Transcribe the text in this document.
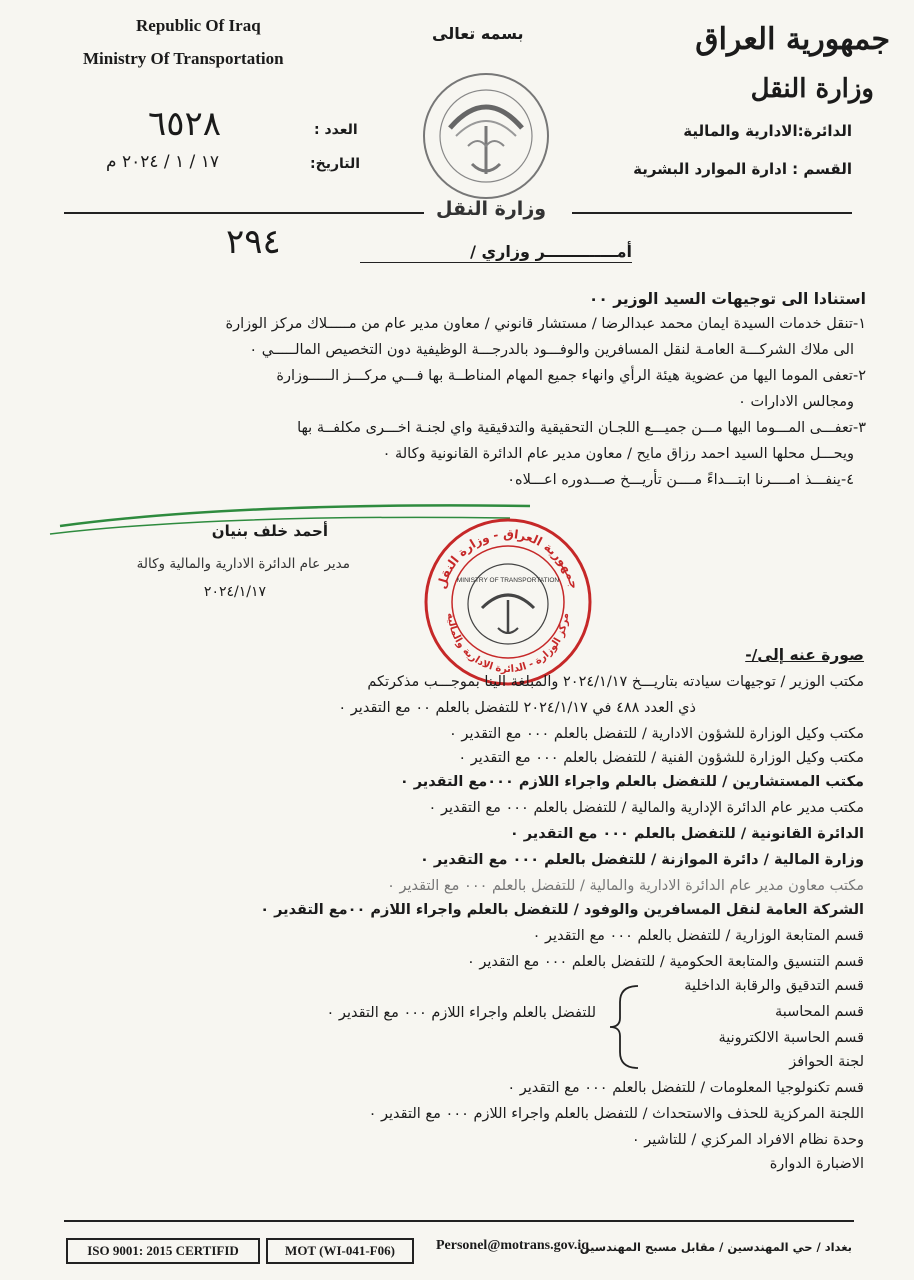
Republic Of Iraq
Ministry Of Transportation
بسمه تعالى	جمهورية العراق
وزارة النقل
الدائرة:الادارية والمالية
القسم : ادارة الموارد البشرية
العدد :
٦٥٢٨
التاريخ:
١٧ / ١ / ٢٠٢٤ م
وزارة النقل
أمـــــــــــــر وزاري /
٢٩٤
استنادا الى توجيهات السيد الوزير ٠٠
١-تنقل خدمات السيدة ايمان محمد عبدالرضا / مستشار قانوني / معاون مدير عام من مـــــلاك مركز الوزارة
الى ملاك الشركـــة العامـة لنقل المسافرين والوفـــود بالدرجـــة الوظيفية دون التخصيص المالـــــي ٠
٢-تعفى الموما اليها من عضوية هيئة الرأي وانهاء جميع المهام المناطــة بها فـــي مركـــز الـــــوزارة
ومجالس الادارات ٠
٣-تعفـــى المـــوما اليها مـــن جميـــع اللجـان التحقيقية والتدقيقية واي لجنـة اخـــرى مكلفــة بها
ويحـــل محلها السيد احمد رزاق مايح / معاون مدير عام الدائرة القانونية وكالة ٠
٤-ينفـــذ امــــرنا ابتـــداءً مــــن تأريـــخ صـــدوره اعـــلاه٠
أحمد خلف بنيان
مدير عام الدائرة الادارية والمالية وكالة
٢٠٢٤/١/١٧
جمهورية العراق - وزارة النقل
مركز الوزارة - الدائرة الادارية والمالية
MINISTRY OF TRANSPORTATION
صورة عنه إلى/-
مكتب الوزير / توجيهات سيادته بتاريـــخ ٢٠٢٤/١/١٧ والمبلغة الينا بموجـــب مذكرتكم
ذي العدد ٤٨٨ في ٢٠٢٤/١/١٧ للتفضل بالعلم ٠٠ مع التقدير ٠
مكتب وكيل الوزارة للشؤون الادارية / للتفضل بالعلم ٠٠٠ مع التقدير ٠
مكتب وكيل الوزارة للشؤون الفنية / للتفضل بالعلم ٠٠٠ مع التقدير ٠
مكتب المستشارين / للتفضل بالعلم واجراء اللازم ٠٠٠مع التقدير ٠
مكتب مدير عام الدائرة الإدارية والمالية / للتفضل بالعلم ٠٠٠ مع التقدير ٠
الدائرة القانونية / للتفضل بالعلم ٠٠٠ مع التقدير ٠
وزارة المالية / دائرة الموازنة / للتفضل بالعلم ٠٠٠ مع التقدير ٠
مكتب معاون مدير عام الدائرة الادارية والمالية / للتفضل بالعلم ٠٠٠ مع التقدير ٠
الشركة العامة لنقل المسافرين والوفود / للتفضل بالعلم واجراء اللازم ٠٠مع التقدير ٠
قسم المتابعة الوزارية / للتفضل بالعلم ٠٠٠ مع التقدير ٠
قسم التنسيق والمتابعة الحكومية / للتفضل بالعلم ٠٠٠ مع التقدير ٠
قسم التدقيق والرقابة الداخلية
قسم المحاسبة
قسم الحاسبة الالكترونية
لجنة الحوافز
للتفضل بالعلم واجراء اللازم ٠٠٠ مع التقدير ٠
قسم تكنولوجيا المعلومات / للتفضل بالعلم ٠٠٠ مع التقدير ٠
اللجنة المركزية للحذف والاستحداث / للتفضل بالعلم واجراء اللازم ٠٠٠ مع التقدير ٠
وحدة نظام الافراد المركزي / للتاشير ٠
الاضبارة الدوارة
ISO 9001: 2015 CERTIFID	MOT (WI-041-F06)	Personel@motrans.gov.iq
بغداد / حي المهندسين / مقابل مسبح المهندسين
